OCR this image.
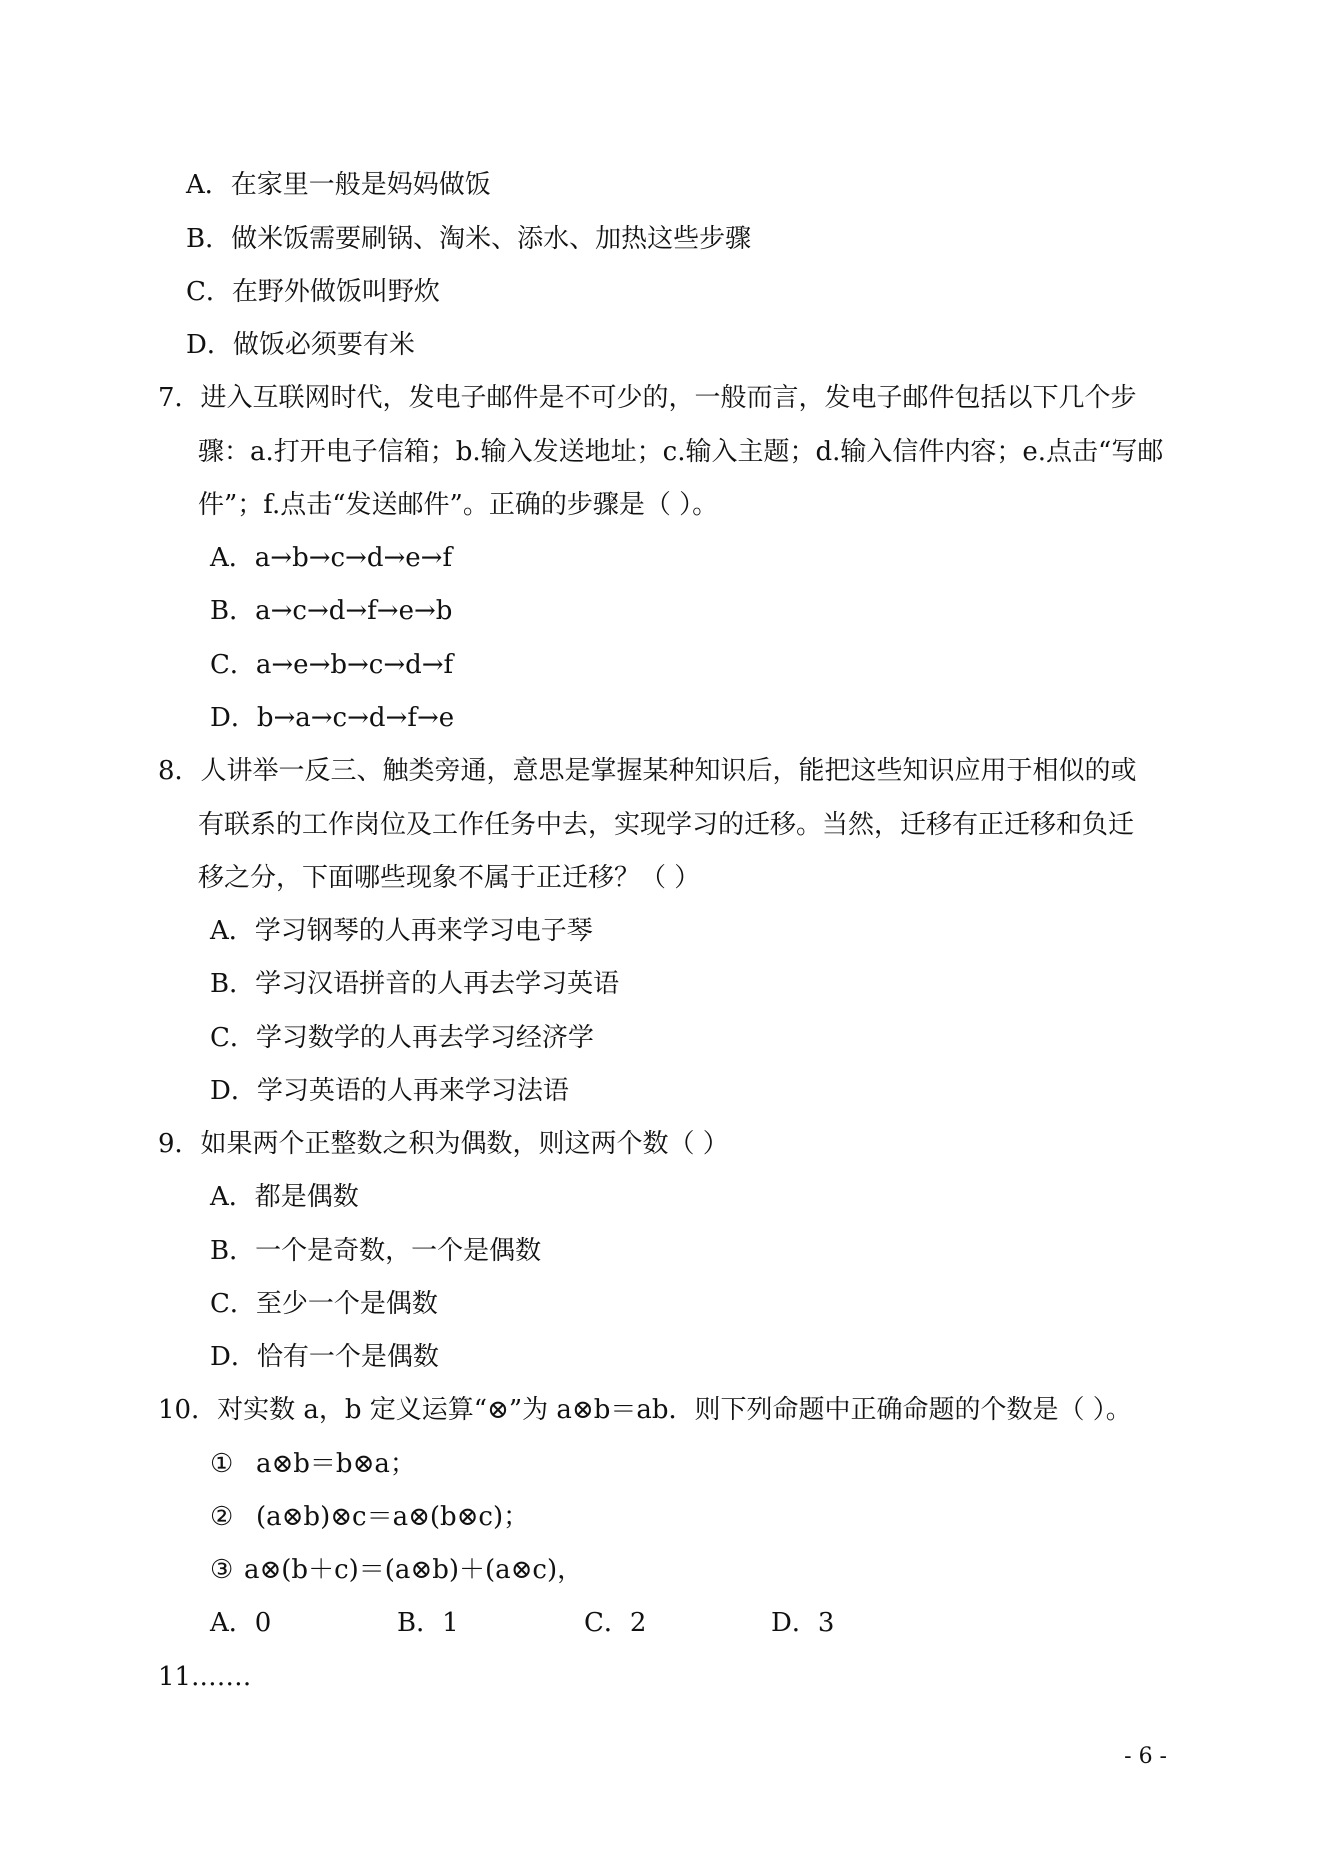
A．在家里一般是妈妈做饭
B．做米饭需要刷锅、淘米、添水、加热这些步骤
C．在野外做饭叫野炊
D．做饭必须要有米
7．进入互联网时代，发电子邮件是不可少的，一般而言，发电子邮件包括以下几个步
骤：a.打开电子信箱；b.输入发送地址；c.输入主题；d.输入信件内容；e.点击“写邮
件”；f.点击“发送邮件”。正确的步骤是（ ）。
A．a→b→c→d→e→f
B．a→c→d→f→e→b
C．a→e→b→c→d→f
D．b→a→c→d→f→e
8．人讲举一反三、触类旁通，意思是掌握某种知识后，能把这些知识应用于相似的或
有联系的工作岗位及工作任务中去，实现学习的迁移。当然，迁移有正迁移和负迁
移之分，下面哪些现象不属于正迁移？（ ）
A．学习钢琴的人再来学习电子琴
B．学习汉语拼音的人再去学习英语
C．学习数学的人再去学习经济学
D．学习英语的人再来学习法语
9．如果两个正整数之积为偶数，则这两个数（ ）
A．都是偶数
B．一个是奇数，一个是偶数
C．至少一个是偶数
D．恰有一个是偶数
10．对实数 a，b 定义运算“⊗”为 a⊗b＝ab．则下列命题中正确命题的个数是（ ）。
① a⊗b＝b⊗a；
② (a⊗b)⊗c＝a⊗(b⊗c)；
③ a⊗(b＋c)＝(a⊗b)＋(a⊗c)，
A．0	B．1	C．2	D．3
11.……
- 6 -
